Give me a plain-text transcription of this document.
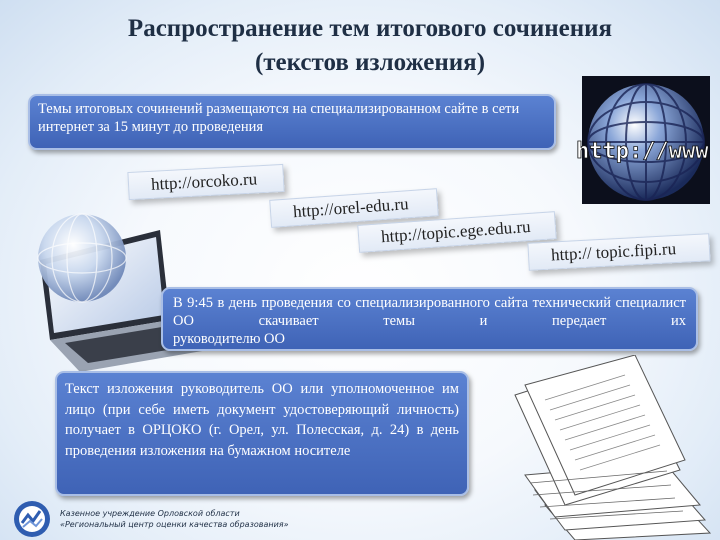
Распространение тем итогового сочинения
(текстов изложения)
Темы итоговых сочинений размещаются на специализированном сайте в сети интернет за 15 минут до проведения
http://www
http://orcoko.ru
http://orel-edu.ru
http://topic.ege.edu.ru
http:// topic.fipi.ru
В 9:45 в день проведения со специализированного сайта технический специалист ОО скачивает темы и передает их
руководителю ОО
Текст изложения руководитель ОО или уполномоченное им лицо (при себе иметь документ удостоверяющий личность) получает в ОРЦОКО (г. Орел, ул. Полесская, д. 24) в день проведения изложения на бумажном носителе
Казенное учреждение Орловской области
«Региональный центр оценки качества образования»
